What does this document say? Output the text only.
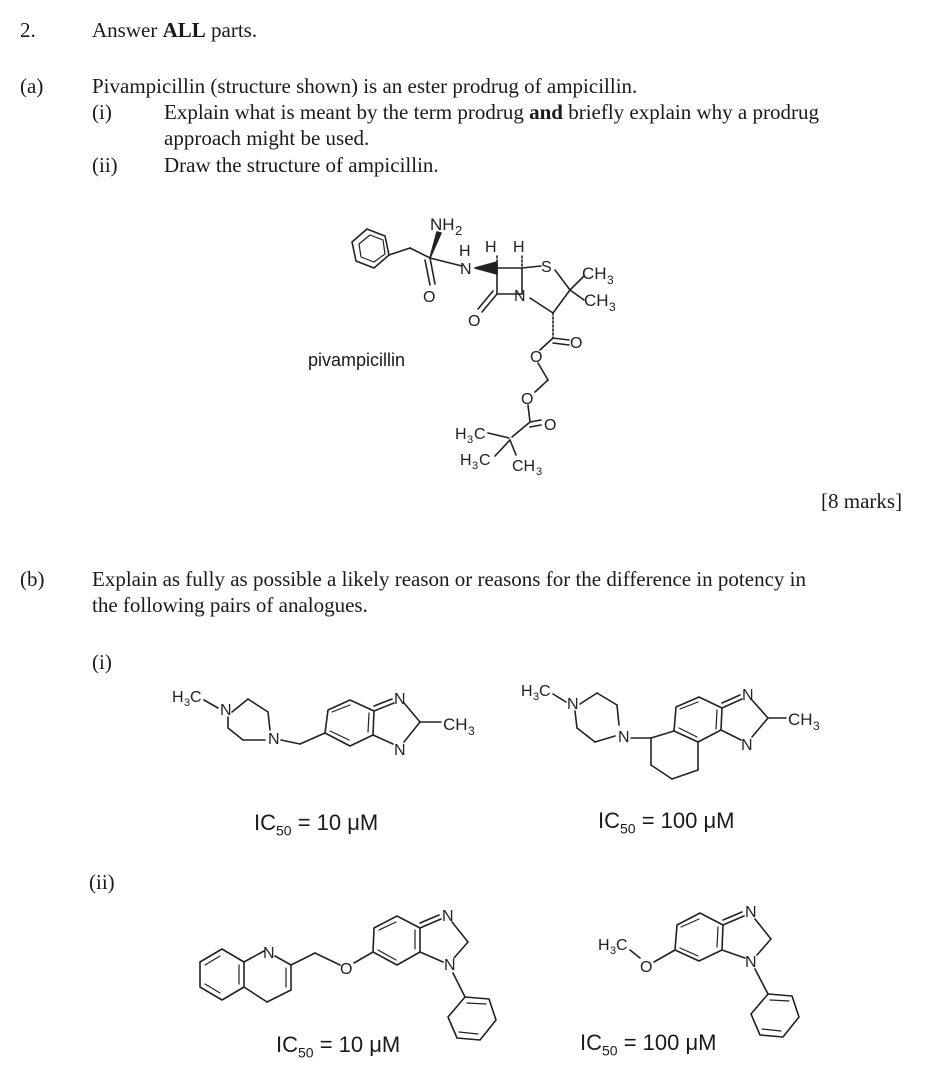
2.	Answer ALL parts.
(a) Pivampicillin (structure shown) is an ester prodrug of ampicillin.
(i) Explain what is meant by the term prodrug and briefly explain why a prodrug
approach might be used.
(ii) Draw the structure of ampicillin.
NH 2
O
N
H H H
O
N
S CH 3
CH 3
O
O
O
O
H 3 C
H 3 C CH 3
pivampicillin
[8 marks]
(b) Explain as fully as possible a likely reason or reasons for the difference in potency in
the following pairs of analogues.
(i)
(ii)
H 3 C
N
N
N
N
CH 3
H 3 C
N
N
N
N
CH 3
$IC_{50} = 10$ μM	$IC_{50} = 100$ μM
N
O
N
N
H 3 C
O
N
N
$IC_{50} = 10$ μM	$IC_{50} = 100$ μM
